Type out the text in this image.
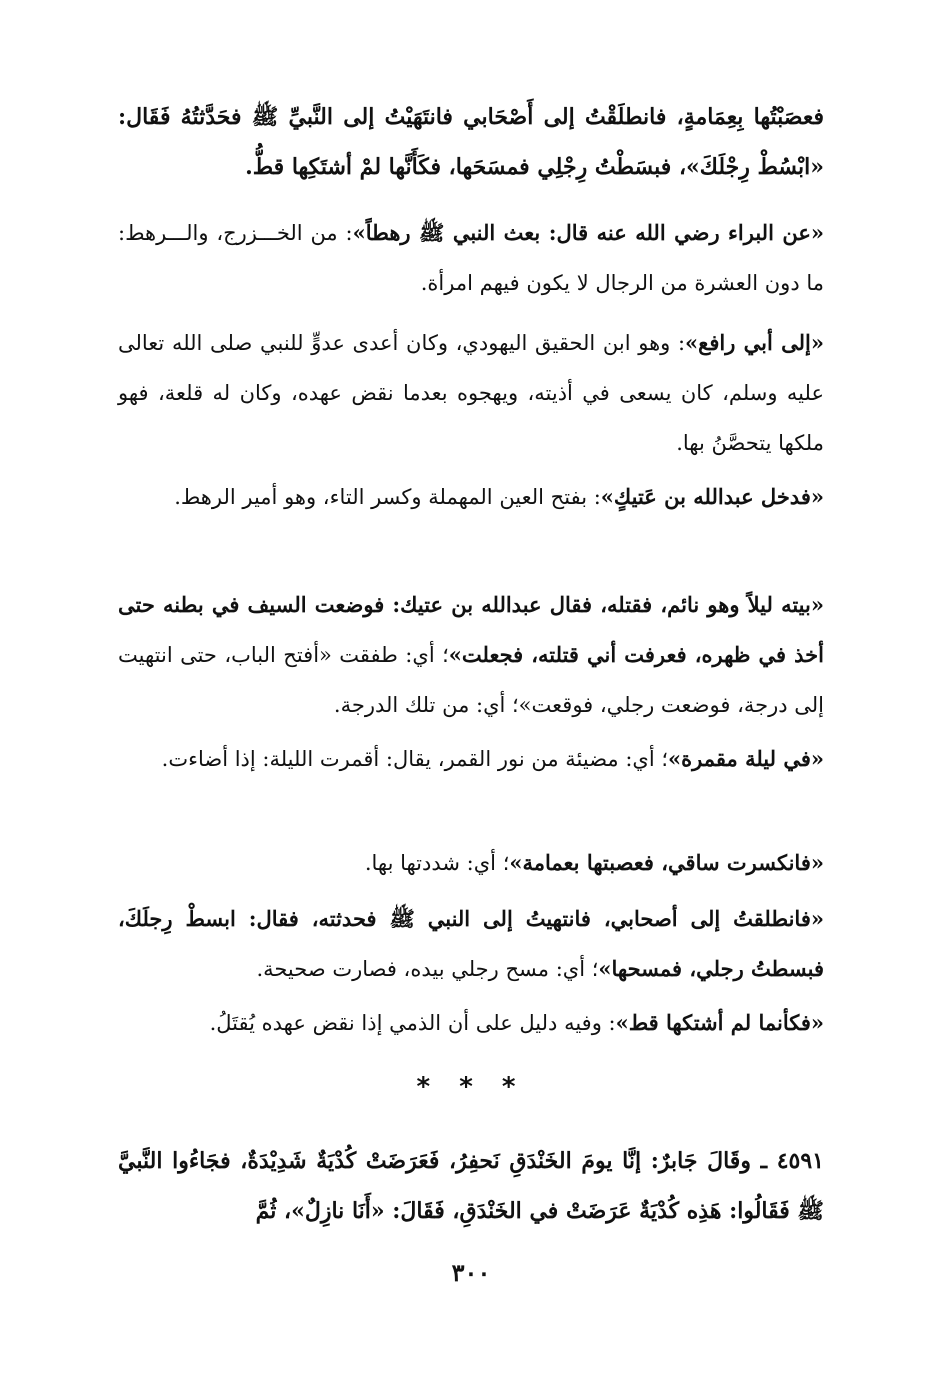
فعصَبْتُها بِعِمَامةٍ، فانطلَقْتُ إلى أَصْحَابي فانتَهَيْتُ إلى النَّبيِّ ﷺ فحَدَّثتُهُ فَقَال: «ابْسُطْ رِجْلَكَ»، فبسَطْتُ رِجْلِي فمسَحَها، فكَأَنَّها لمْ أشتَكِها قطُّ.
«عن البراء رضي الله عنه قال: بعث النبي ﷺ رهطاً»: من الخـــزرج، والـــرهط: ما دون العشرة من الرجال لا يكون فيهم امرأة.
«إلى أبي رافع»: وهو ابن الحقيق اليهودي، وكان أعدى عدوٍّ للنبي صلى الله تعالى عليه وسلم، كان يسعى في أذيته، ويهجوه بعدما نقض عهده، وكان له قلعة، فهو ملكها يتحصَّنُ بها.
«فدخل عبدالله بن عَتيكٍ»: بفتح العين المهملة وكسر التاء، وهو أمير الرهط.
«بيته ليلاً وهو نائم، فقتله، فقال عبدالله بن عتيك: فوضعت السيف في بطنه حتى أخذ في ظهره، فعرفت أني قتلته، فجعلت»؛ أي: طفقت «أفتح الباب، حتى انتهيت إلى درجة، فوضعت رجلي، فوقعت»؛ أي: من تلك الدرجة.
«في ليلة مقمرة»؛ أي: مضيئة من نور القمر، يقال: أقمرت الليلة: إذا أضاءت.
«فانكسرت ساقي، فعصبتها بعمامة»؛ أي: شددتها بها.
«فانطلقتُ إلى أصحابي، فانتهيتُ إلى النبي ﷺ فحدثته، فقال: ابسطْ رِجلَكَ، فبسطتُ رجلي، فمسحها»؛ أي: مسح رجلي بيده، فصارت صحيحة.
«فكأنما لم أشتكها قط»: وفيه دليل على أن الذمي إذا نقض عهده يُقتَلُ.
* * *
٤٥٩١ ـ وقَالَ جَابرٌ: إنَّا يومَ الخَنْدَقِ نَحفِرُ، فَعَرَضَتْ كُدْيَةٌ شَدِيْدَةٌ، فجَاءُوا النَّبيَّ ﷺ فَقَالُوا: هَذِه كُدْيَةٌ عَرَضَتْ في الخَنْدَقِ، فَقَالَ: «أَنَا نازِلٌ»، ثُمَّ
٣٠٠
